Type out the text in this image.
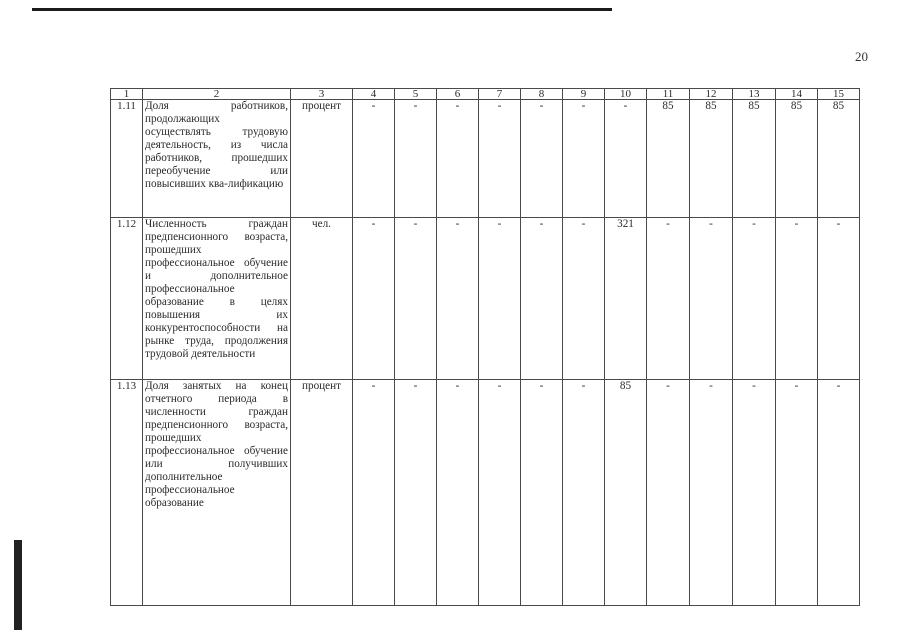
20
1	2	3	4	5	6	7	8	9	10	11	12	13	14	15
1.11	Доля работников, продолжающих осуществлять трудовую деятельность, из числа работников, прошедших переобучение или повысивших ква-лификацию	процент	-	-	-	-	-	-	-	85	85	85	85	85
1.12	Численность граждан предпенсионного возраста, прошедших профессиональное обучение и дополнительное профессиональное образование в целях повышения их конкурентоспособности на рынке труда, продолжения трудовой деятельности	чел.	-	-	-	-	-	-	321	-	-	-	-	-
1.13	Доля занятых на конец отчетного периода в численности граждан предпенсионного возраста, прошедших профессиональное обучение или получивших дополнительное профессиональное образование	процент	-	-	-	-	-	-	85	-	-	-	-	-
